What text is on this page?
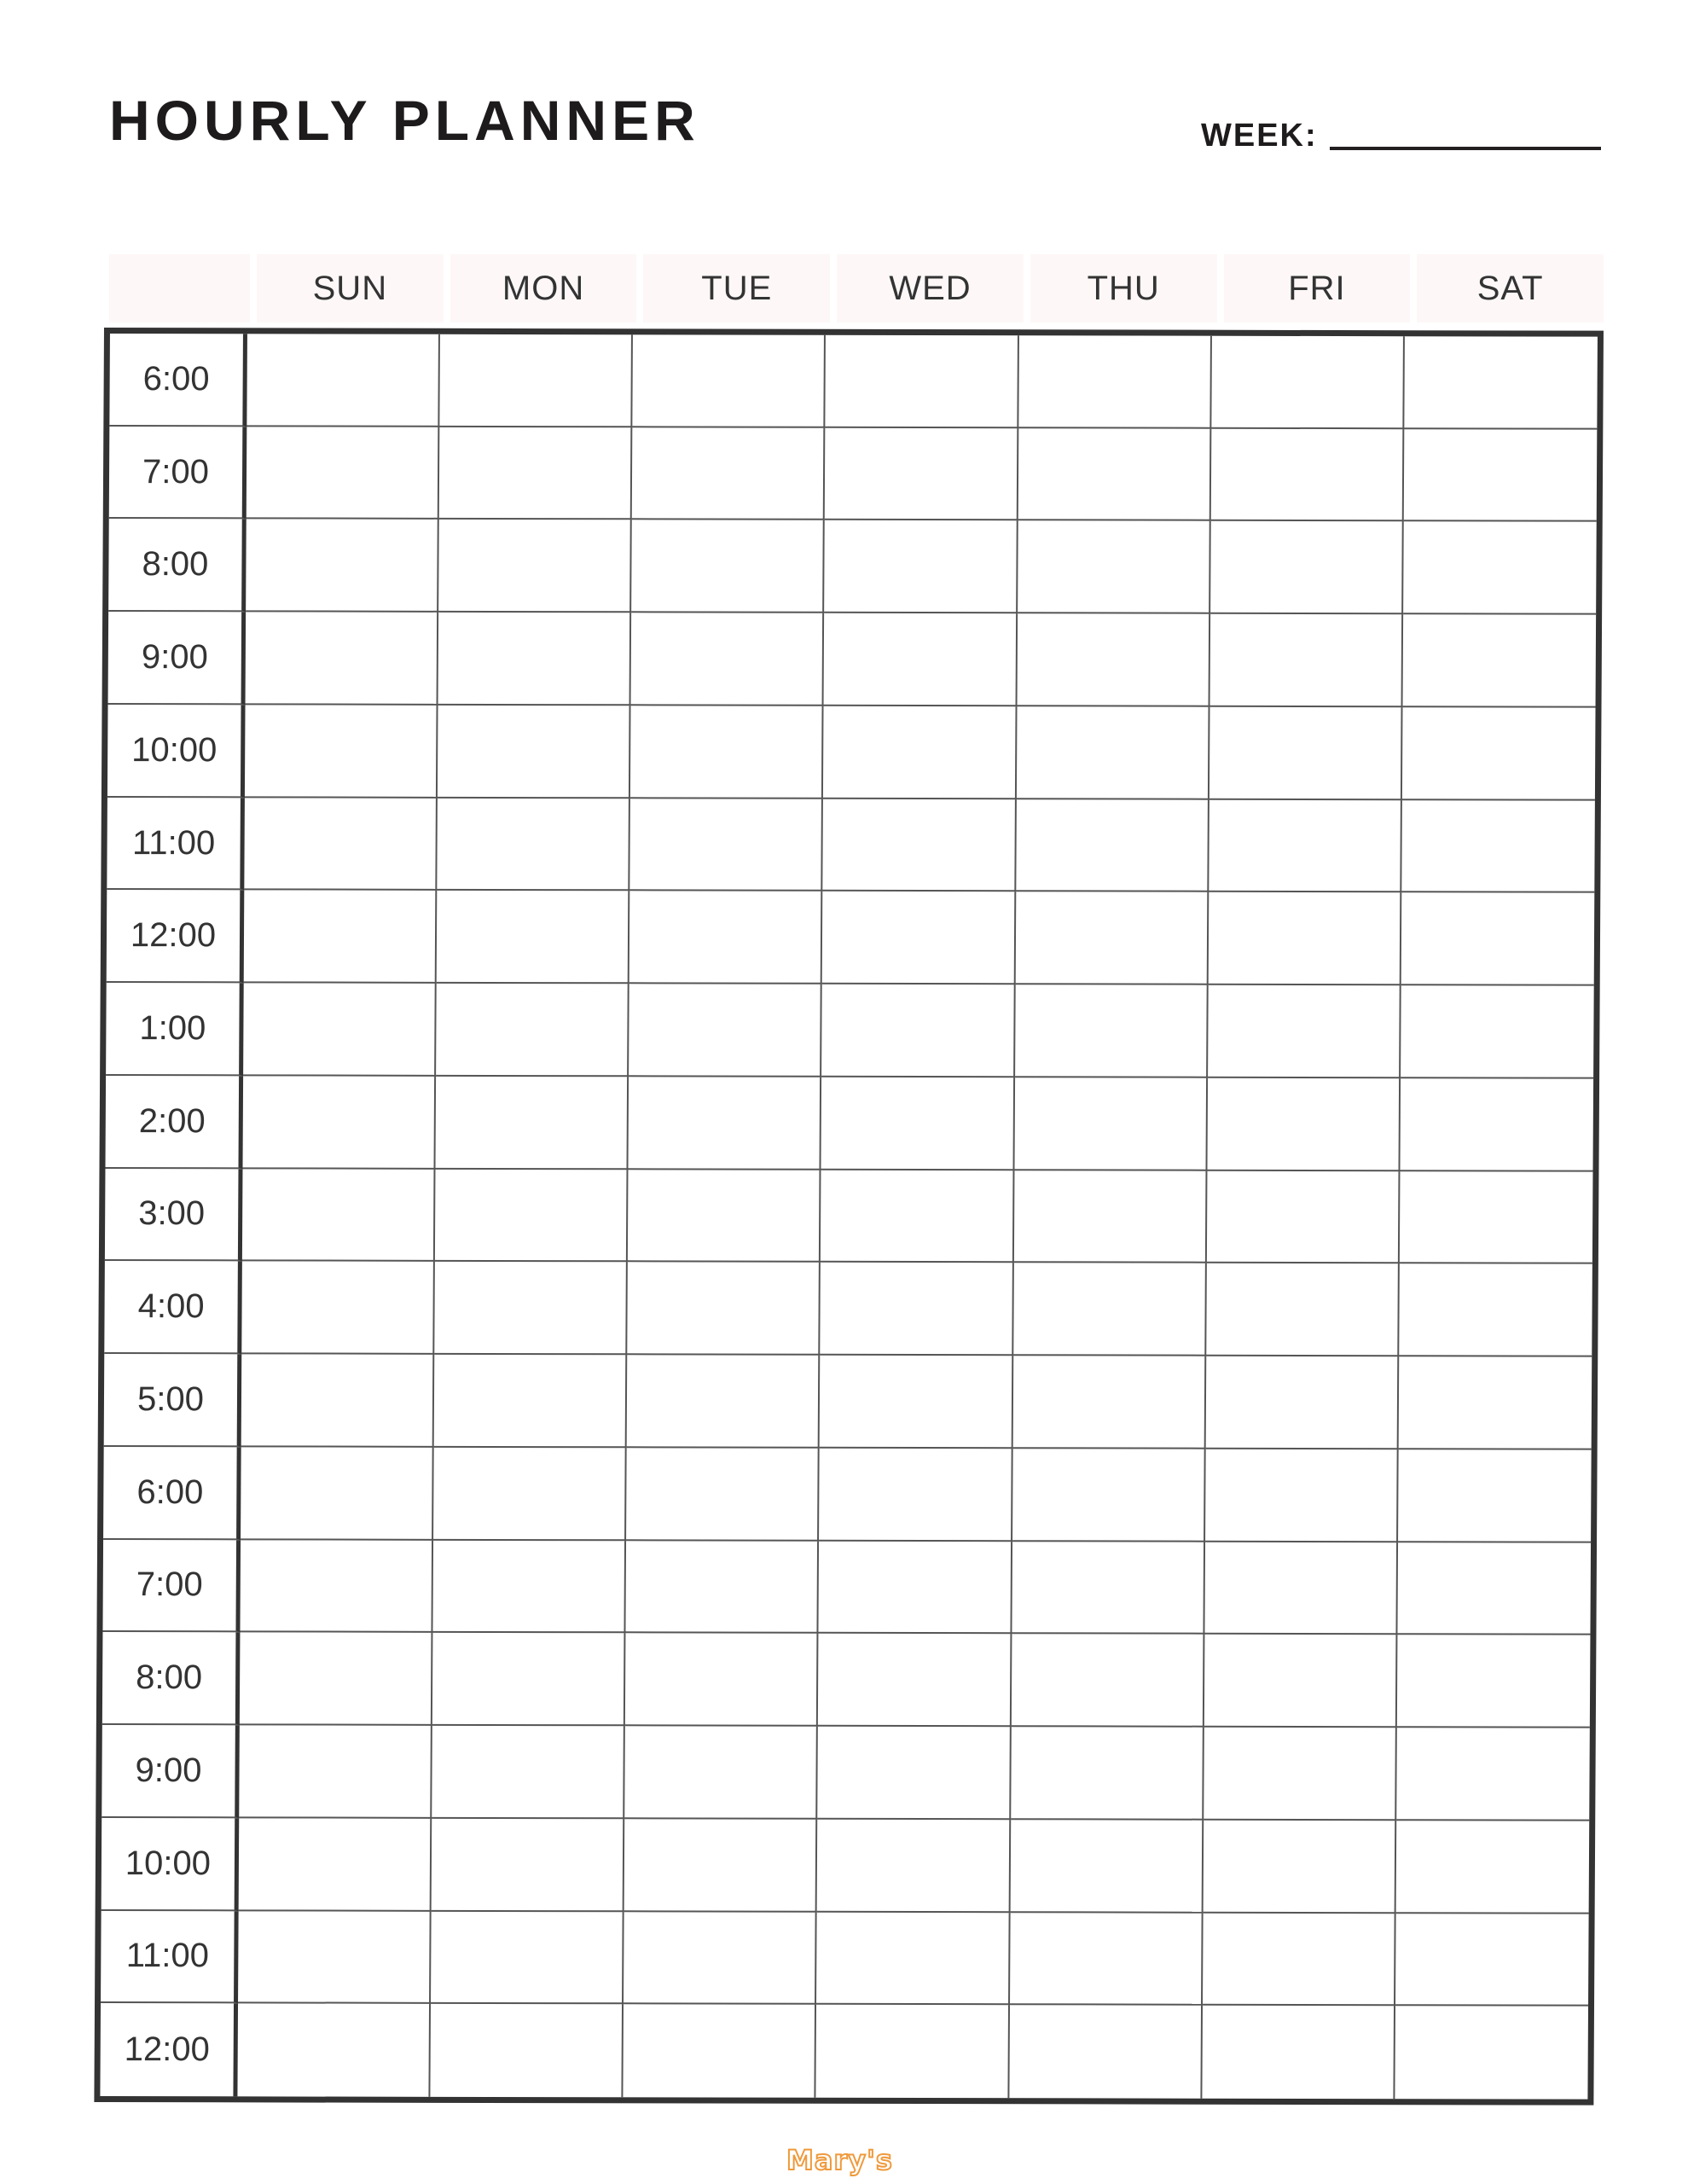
HOURLY PLANNER	WEEK:
SUN	MON	TUE	WED	THU	FRI	SAT
6:00
7:00
8:00
9:00
10:00
11:00
12:00
1:00
2:00
3:00
4:00
5:00
6:00
7:00
8:00
9:00
10:00
11:00
12:00
Mary's
